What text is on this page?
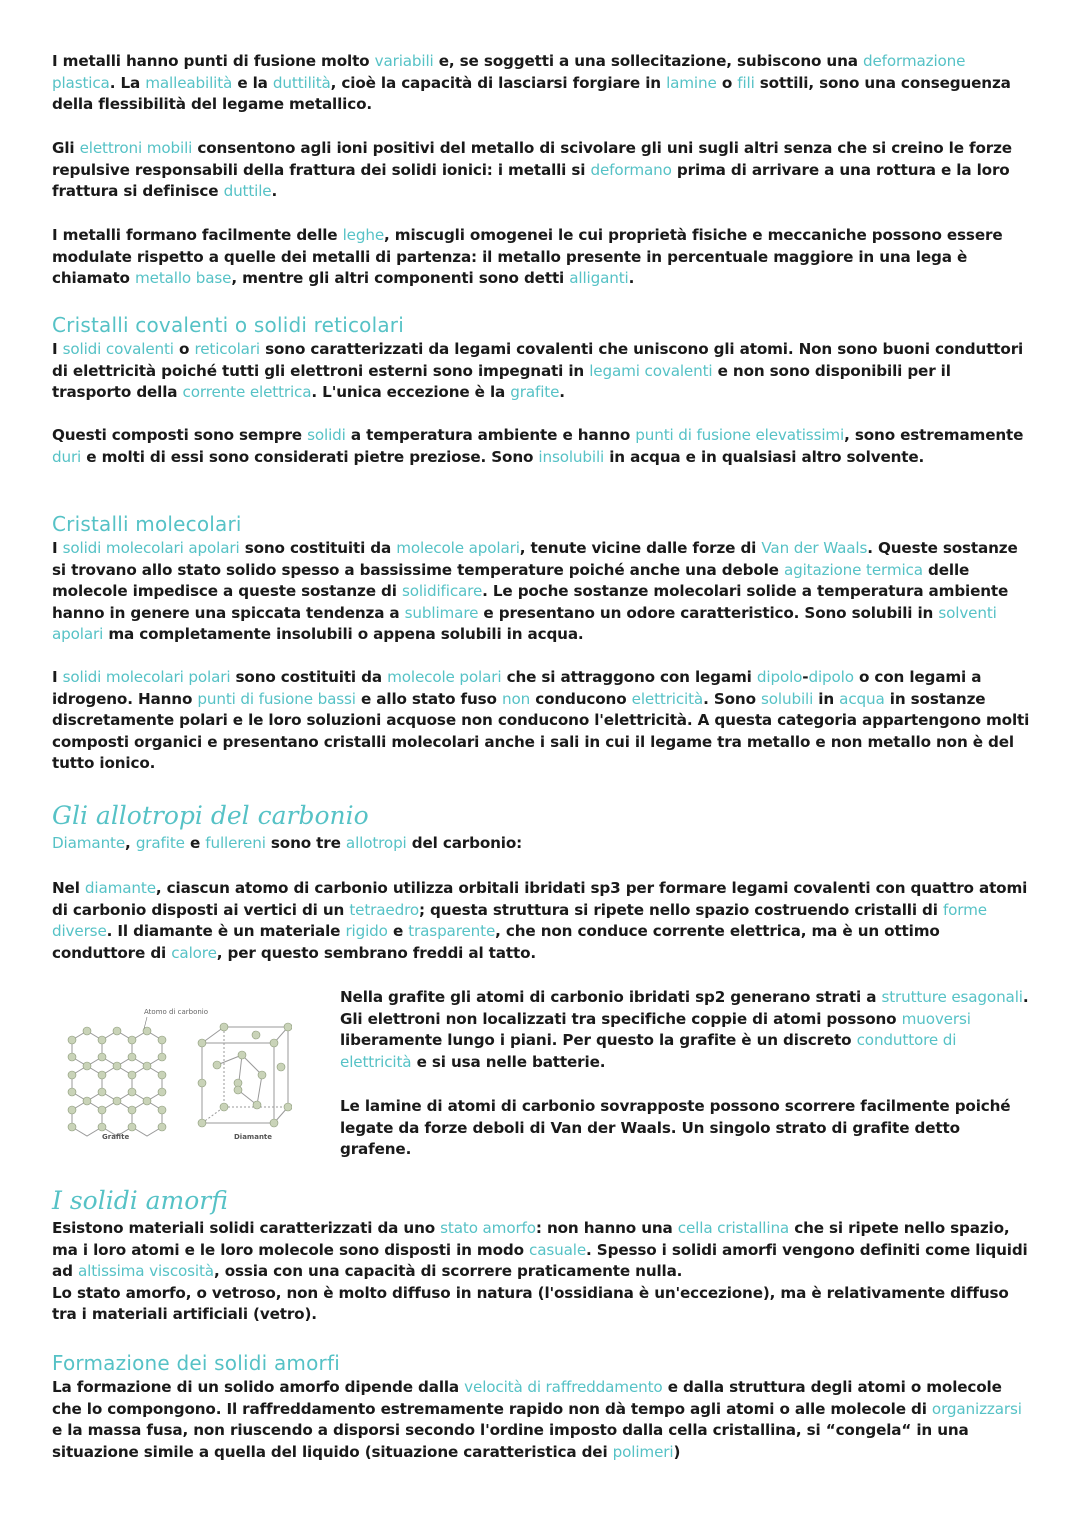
I metalli hanno punti di fusione molto variabili e, se soggetti a una sollecitazione, subiscono una deformazione plastica. La malleabilità e la duttilità, cioè la capacità di lasciarsi forgiare in lamine o fili sottili, sono una conseguenza della flessibilità del legame metallico.

Gli elettroni mobili consentono agli ioni positivi del metallo di scivolare gli uni sugli altri senza che si creino le forze repulsive responsabili della frattura dei solidi ionici: i metalli si deformano prima di arrivare a una rottura e la loro frattura si definisce duttile.

I metalli formano facilmente delle leghe, miscugli omogenei le cui proprietà fisiche e meccaniche possono essere modulate rispetto a quelle dei metalli di partenza: il metallo presente in percentuale maggiore in una lega è chiamato metallo base, mentre gli altri componenti sono detti alliganti.

Cristalli covalenti o solidi reticolari

I solidi covalenti o reticolari sono caratterizzati da legami covalenti che uniscono gli atomi. Non sono buoni conduttori di elettricità poiché tutti gli elettroni esterni sono impegnati in legami covalenti e non sono disponibili per il trasporto della corrente elettrica. L'unica eccezione è la grafite.

Questi composti sono sempre solidi a temperatura ambiente e hanno punti di fusione elevatissimi, sono estremamente duri e molti di essi sono considerati pietre preziose. Sono insolubili in acqua e in qualsiasi altro solvente.

Cristalli molecolari

I solidi molecolari apolari sono costituiti da molecole apolari, tenute vicine dalle forze di Van der Waals. Queste sostanze si trovano allo stato solido spesso a bassissime temperature poiché anche una debole agitazione termica delle molecole impedisce a queste sostanze di solidificare. Le poche sostanze molecolari solide a temperatura ambiente hanno in genere una spiccata tendenza a sublimare e presentano un odore caratteristico. Sono solubili in solventi apolari ma completamente insolubili o appena solubili in acqua.

I solidi molecolari polari sono costituiti da molecole polari che si attraggono con legami dipolo-dipolo o con legami a idrogeno. Hanno punti di fusione bassi e allo stato fuso non conducono elettricità. Sono solubili in acqua in sostanze discretamente polari e le loro soluzioni acquose non conducono l'elettricità. A questa categoria appartengono molti composti organici e presentano cristalli molecolari anche i sali in cui il legame tra metallo e non metallo non è del tutto ionico.

Gli allotropi del carbonio

Diamante, grafite e fullereni sono tre allotropi del carbonio:

Nel diamante, ciascun atomo di carbonio utilizza orbitali ibridati sp3 per formare legami covalenti con quattro atomi di carbonio disposti ai vertici di un tetraedro; questa struttura si ripete nello spazio costruendo cristalli di forme diverse. Il diamante è un materiale rigido e trasparente, che non conduce corrente elettrica, ma è un ottimo conduttore di calore, per questo sembrano freddi al tatto.

Atomo di carbonio
Grafite	Diamante

Nella grafite gli atomi di carbonio ibridati sp2 generano strati a strutture esagonali. Gli elettroni non localizzati tra specifiche coppie di atomi possono muoversi liberamente lungo i piani. Per questo la grafite è un discreto conduttore di elettricità e si usa nelle batterie.

Le lamine di atomi di carbonio sovrapposte possono scorrere facilmente poiché legate da forze deboli di Van der Waals. Un singolo strato di grafite detto grafene.

I solidi amorfi

Esistono materiali solidi caratterizzati da uno stato amorfo: non hanno una cella cristallina che si ripete nello spazio, ma i loro atomi e le loro molecole sono disposti in modo casuale. Spesso i solidi amorfi vengono definiti come liquidi ad altissima viscosità, ossia con una capacità di scorrere praticamente nulla.

Lo stato amorfo, o vetroso, non è molto diffuso in natura (l'ossidiana è un'eccezione), ma è relativamente diffuso tra i materiali artificiali (vetro).

Formazione dei solidi amorfi

La formazione di un solido amorfo dipende dalla velocità di raffreddamento e dalla struttura degli atomi o molecole che lo compongono. Il raffreddamento estremamente rapido non dà tempo agli atomi o alle molecole di organizzarsi e la massa fusa, non riuscendo a disporsi secondo l'ordine imposto dalla cella cristallina, si “congela“ in una situazione simile a quella del liquido (situazione caratteristica dei polimeri)
